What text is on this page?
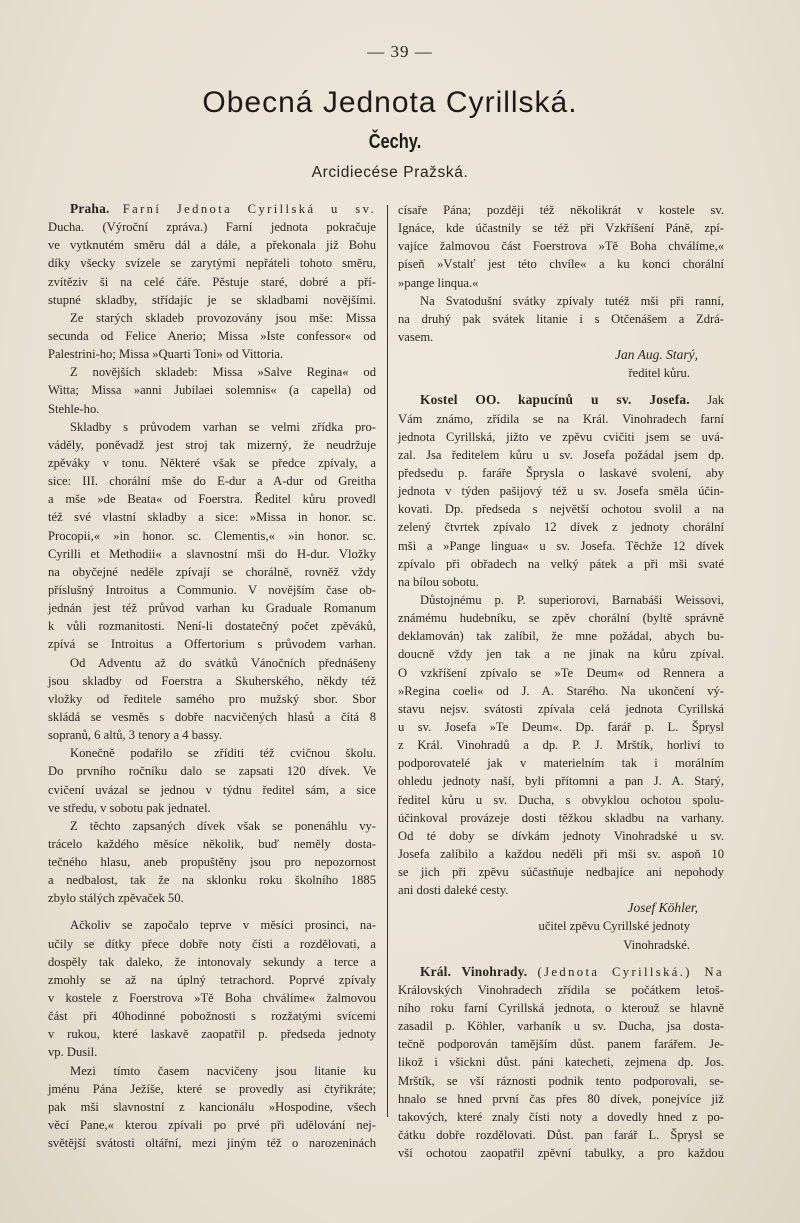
— 39 —
Obecná Jednota Cyrillská.
Čechy.
Arcidiecése Pražská.
Praha. Farní Jednota Cyrillská u sv.
Ducha. (Výroční zpráva.) Farní jednota pokračuje
ve vytknutém směru dál a dále, a překonala již Bohu
díky všecky svízele se zarytými nepřáteli tohoto směru,
zvítěziv ši na celé čáře. Pěstuje staré, dobré a pří-
stupné skladby, střídajíc je se skladbami novějšími.
Ze starých skladeb provozovány jsou mše: Missa
secunda od Felice Anerio; Missa »Iste confessor« od
Palestrini-ho; Missa »Quarti Toni» od Vittoria.
Z novějších skladeb: Missa »Salve Regina« od
Witta; Missa »anni Jubilaei solemnis« (a capella) od
Stehle-ho.
Skladby s průvodem varhan se velmi zřídka pro-
váděly, poněvadž jest stroj tak mizerný, že neudržuje
zpěváky v tonu. Některé však se předce zpívaly, a
sice: III. chorální mše do E-dur a A-dur od Greitha
a mše »de Beata« od Foerstra. Ředitel kůru provedl
též své vlastní skladby a sice: »Missa in honor. sc.
Procopii,« »in honor. sc. Clementis,« »in honor. sc.
Cyrilli et Methodii« a slavnostní mši do H-dur. Vložky
na obyčejné neděle zpívají se chorálně, rovněž vždy
příslušný Introitus a Communio. V novějším čase ob-
jednán jest též průvod varhan ku Graduale Romanum
k vůli rozmanitosti. Není-li dostatečný počet zpěváků,
zpívá se Introitus a Offertorium s průvodem varhan.
Od Adventu až do svátků Vánočních přednášeny
jsou skladby od Foerstra a Skuherského, někdy též
vložky od ředitele samého pro mužský sbor. Sbor
skládá se vesměs s dobře nacvičených hlasů a čítá 8
sopranů, 6 altů, 3 tenory a 4 bassy.
Konečně podařilo se zříditi též cvičnou školu.
Do prvního ročníku dalo se zapsati 120 dívek. Ve
cvičení uvázal se jednou v týdnu ředitel sám, a sice
ve středu, v sobotu pak jednatel.
Z těchto zapsaných dívek však se ponenáhlu vy-
trácelo každého měsíce několik, buď neměly dosta-
tečného hlasu, aneb propuštěny jsou pro nepozornost
a nedbalost, tak že na sklonku roku školního 1885
zbylo stálých zpěvaček 50.
Ačkoliv se započalo teprve v měsíci prosinci, na-
učily se dítky přece dobře noty čísti a rozdělovati, a
dospěly tak daleko, že intonovaly sekundy a terce a
zmohly se až na úplný tetrachord. Poprvé zpívaly
v kostele z Foerstrova »Tě Boha chválíme« žalmovou
část při 40hodinné pobožnosti s rozžatými svícemi
v rukou, které laskavě zaopatřil p. předseda jednoty
vp. Dusil.
Mezi tímto časem nacvičeny jsou litanie ku
jménu Pána Ježíše, které se provedly asi čtyřikráte;
pak mši slavnostní z kancionálu »Hospodine, všech
věcí Pane,« kterou zpívali po prvé při udělování nej-
světější svátosti oltářní, mezi jiným též o narozeninách
císaře Pána; později též několikrát v kostele sv.
Ignáce, kde účastnily se též při Vzkříšení Páně, zpí-
vajíce žalmovou část Foerstrova »Tě Boha chválíme,«
píseň »Vstalť jest této chvíle« a ku konci chorální
»pange linqua.«
Na Svatodušní svátky zpívaly tutéž mši při ranní,
na druhý pak svátek litanie i s Otčenášem a Zdrá-
vasem.
Jan Aug. Starý,
ředitel kůru.
Kostel OO. kapucínů u sv. Josefa. Jak
Vám známo, zřídila se na Král. Vinohradech farní
jednota Cyrillská, jižto ve zpěvu cvičiti jsem se uvá-
zal. Jsa ředitelem kůru u sv. Josefa požádal jsem dp.
předsedu p. faráře Šprysla o laskavé svolení, aby
jednota v týden pašijový též u sv. Josefa směla účin-
kovati. Dp. předseda s největší ochotou svolil a na
zelený čtvrtek zpívalo 12 dívek z jednoty chorální
mši a »Pange lingua« u sv. Josefa. Těchže 12 dívek
zpívalo při obřadech na velký pátek a při mši svaté
na bílou sobotu.
Důstojnému p. P. superiorovi, Barnabáši Weissovi,
známému hudebníku, se zpěv chorální (byltě správně
deklamován) tak zalíbil, že mne požádal, abych bu-
doucně vždy jen tak a ne jinak na kůru zpíval.
O vzkříšení zpívalo se »Te Deum« od Rennera a
»Regina coeli« od J. A. Starého. Na ukončení vý-
stavu nejsv. svátosti zpívala celá jednota Cyrillská
u sv. Josefa »Te Deum«. Dp. farář p. L. Šprysl
z Král. Vinohradů a dp. P. J. Mrštík, horliví to
podporovatelé jak v materielním tak i morálním
ohledu jednoty naší, byli přítomni a pan J. A. Starý,
ředitel kůru u sv. Ducha, s obvyklou ochotou spolu-
účinkoval provázeje dosti těžkou skladbu na varhany.
Od té doby se dívkám jednoty Vinohradské u sv.
Josefa zalíbilo a každou neděli při mši sv. aspoň 10
se jich při zpěvu súčastňuje nedbajíce ani nepohody
ani dosti daleké cesty.
Josef Köhler,
učitel zpěvu Cyrillské jednoty
Vinohradské.
Král. Vinohrady. (Jednota Cyrillská.) Na
Královských Vinohradech zřídila se počátkem letoš-
ního roku farní Cyrillská jednota, o kterouž se hlavně
zasadil p. Köhler, varhaník u sv. Ducha, jsa dosta-
tečně podporován tamějším důst. panem farářem. Je-
likož i všickni důst. páni katecheti, zejmena dp. Jos.
Mrštík, se vší ráznosti podnik tento podporovali, se-
hnalo se hned první čas přes 80 dívek, ponejvíce již
takových, které znaly čísti noty a dovedly hned z po-
čátku dobře rozdělovati. Důst. pan farář L. Šprysl se
vší ochotou zaopatřil zpěvní tabulky, a pro každou
